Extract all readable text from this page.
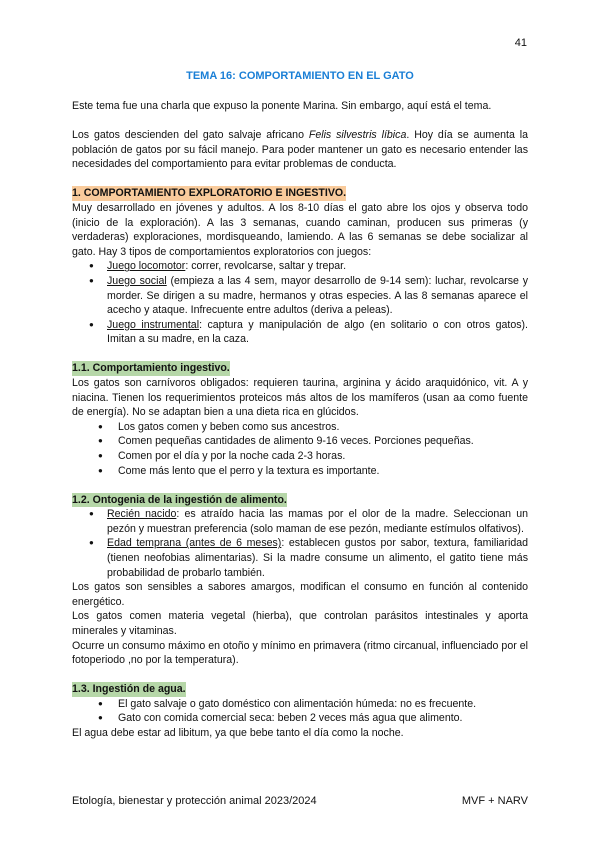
41
TEMA 16: COMPORTAMIENTO EN EL GATO

Este tema fue una charla que expuso la ponente Marina. Sin embargo, aquí está el tema.

Los gatos descienden del gato salvaje africano Felis silvestris líbica. Hoy día se aumenta la población de gatos por su fácil manejo. Para poder mantener un gato es necesario entender las necesidades del comportamiento para evitar problemas de conducta.

1. COMPORTAMIENTO EXPLORATORIO E INGESTIVO.

Muy desarrollado en jóvenes y adultos. A los 8-10 días el gato abre los ojos y observa todo (inicio de la exploración). A las 3 semanas, cuando caminan, producen sus primeras (y verdaderas) exploraciones, mordisqueando, lamiendo. A las 6 semanas se debe socializar al gato. Hay 3 tipos de comportamientos exploratorios con juegos:

● Juego locomotor: correr, revolcarse, saltar y trepar.
● Juego social (empieza a las 4 sem, mayor desarrollo de 9-14 sem): luchar, revolcarse y morder. Se dirigen a su madre, hermanos y otras especies. A las 8 semanas aparece el acecho y ataque. Infrecuente entre adultos (deriva a peleas).
● Juego instrumental: captura y manipulación de algo (en solitario o con otros gatos). Imitan a su madre, en la caza.
1.1. Comportamiento ingestivo.

Los gatos son carnívoros obligados: requieren taurina, arginina y ácido araquidónico, vit. A y niacina. Tienen los requerimientos proteicos más altos de los mamíferos (usan aa como fuente de energía). No se adaptan bien a una dieta rica en glúcidos.

● Los gatos comen y beben como sus ancestros.
● Comen pequeñas cantidades de alimento 9-16 veces. Porciones pequeñas.
● Comen por el día y por la noche cada 2-3 horas.
● Come más lento que el perro y la textura es importante.
1.2. Ontogenia de la ingestión de alimento.
● Recién nacido: es atraído hacia las mamas por el olor de la madre. Seleccionan un pezón y muestran preferencia (solo maman de ese pezón, mediante estímulos olfativos).
● Edad temprana (antes de 6 meses): establecen gustos por sabor, textura, familiaridad (tienen neofobias alimentarias). Si la madre consume un alimento, el gatito tiene más probabilidad de probarlo también.

Los gatos son sensibles a sabores amargos, modifican el consumo en función al contenido energético.

Los gatos comen materia vegetal (hierba), que controlan parásitos intestinales y aporta minerales y vitaminas.

Ocurre un consumo máximo en otoño y mínimo en primavera (ritmo circanual, influenciado por el fotoperiodo ,no por la temperatura).

1.3. Ingestión de agua.
● El gato salvaje o gato doméstico con alimentación húmeda: no es frecuente.
● Gato con comida comercial seca: beben 2 veces más agua que alimento.

El agua debe estar ad libitum, ya que bebe tanto el día como la noche.

Etología, bienestar y protección animal 2023/2024	MVF + NARV
